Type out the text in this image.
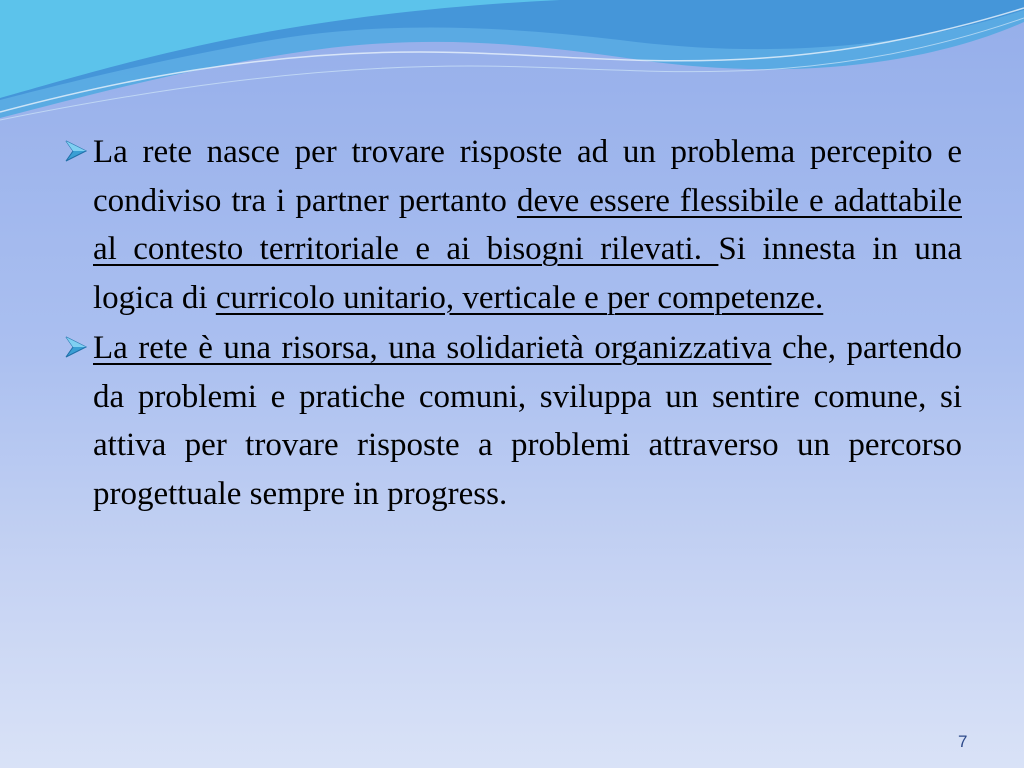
La rete nasce per trovare risposte ad un problema percepito e condiviso tra i partner pertanto deve essere flessibile e adattabile al contesto territoriale e ai bisogni rilevati. Si innesta in una logica di curricolo unitario, verticale e per competenze.
La rete è una risorsa, una solidarietà organizzativa che, partendo da problemi e pratiche comuni, sviluppa un sentire comune, si attiva per trovare risposte a problemi attraverso un percorso progettuale sempre in progress.
7
